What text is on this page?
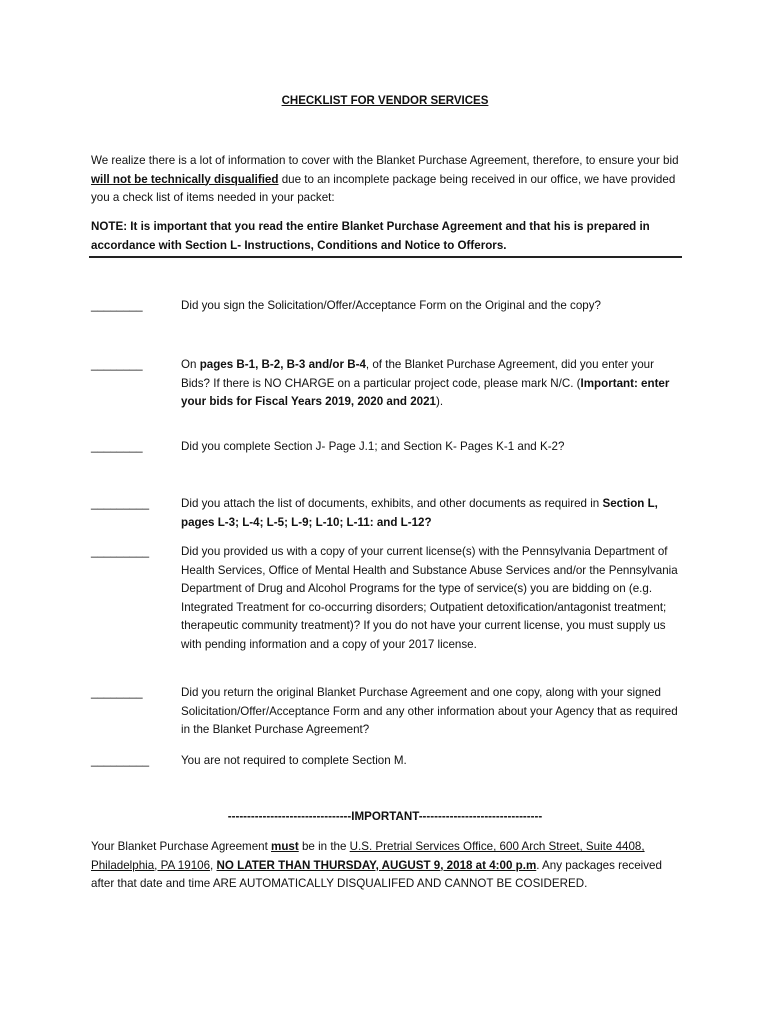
CHECKLIST FOR VENDOR SERVICES
We realize there is a lot of information to cover with the Blanket Purchase Agreement, therefore, to ensure your bid will not be technically disqualified due to an incomplete package being received in our office, we have provided you a check list of items needed in your packet:
NOTE: It is important that you read the entire Blanket Purchase Agreement and that his is prepared in accordance with Section L- Instructions, Conditions and Notice to Offerors.
________	Did you sign the Solicitation/Offer/Acceptance Form on the Original and the copy?
________	On pages B-1, B-2, B-3 and/or B-4, of the Blanket Purchase Agreement, did you enter your Bids? If there is NO CHARGE on a particular project code, please mark N/C. (Important: enter your bids for Fiscal Years 2019, 2020 and 2021).
________	Did you complete Section J- Page J.1; and Section K- Pages K-1 and K-2?
_________	Did you attach the list of documents, exhibits, and other documents as required in Section L, pages L-3; L-4; L-5; L-9; L-10; L-11: and L-12?
_________	Did you provided us with a copy of your current license(s) with the Pennsylvania Department of Health Services, Office of Mental Health and Substance Abuse Services and/or the Pennsylvania Department of Drug and Alcohol Programs for the type of service(s) you are bidding on (e.g. Integrated Treatment for co-occurring disorders; Outpatient detoxification/antagonist treatment; therapeutic community treatment)? If you do not have your current license, you must supply us with pending information and a copy of your 2017 license.
________	Did you return the original Blanket Purchase Agreement and one copy, along with your signed Solicitation/Offer/Acceptance Form and any other information about your Agency that as required in the Blanket Purchase Agreement?
_________	You are not required to complete Section M.
--------------------------------IMPORTANT--------------------------------
Your Blanket Purchase Agreement must be in the U.S. Pretrial Services Office, 600 Arch Street, Suite 4408, Philadelphia, PA 19106, NO LATER THAN THURSDAY, AUGUST 9, 2018 at 4:00 p.m. Any packages received after that date and time ARE AUTOMATICALLY DISQUALIFED AND CANNOT BE COSIDERED.
